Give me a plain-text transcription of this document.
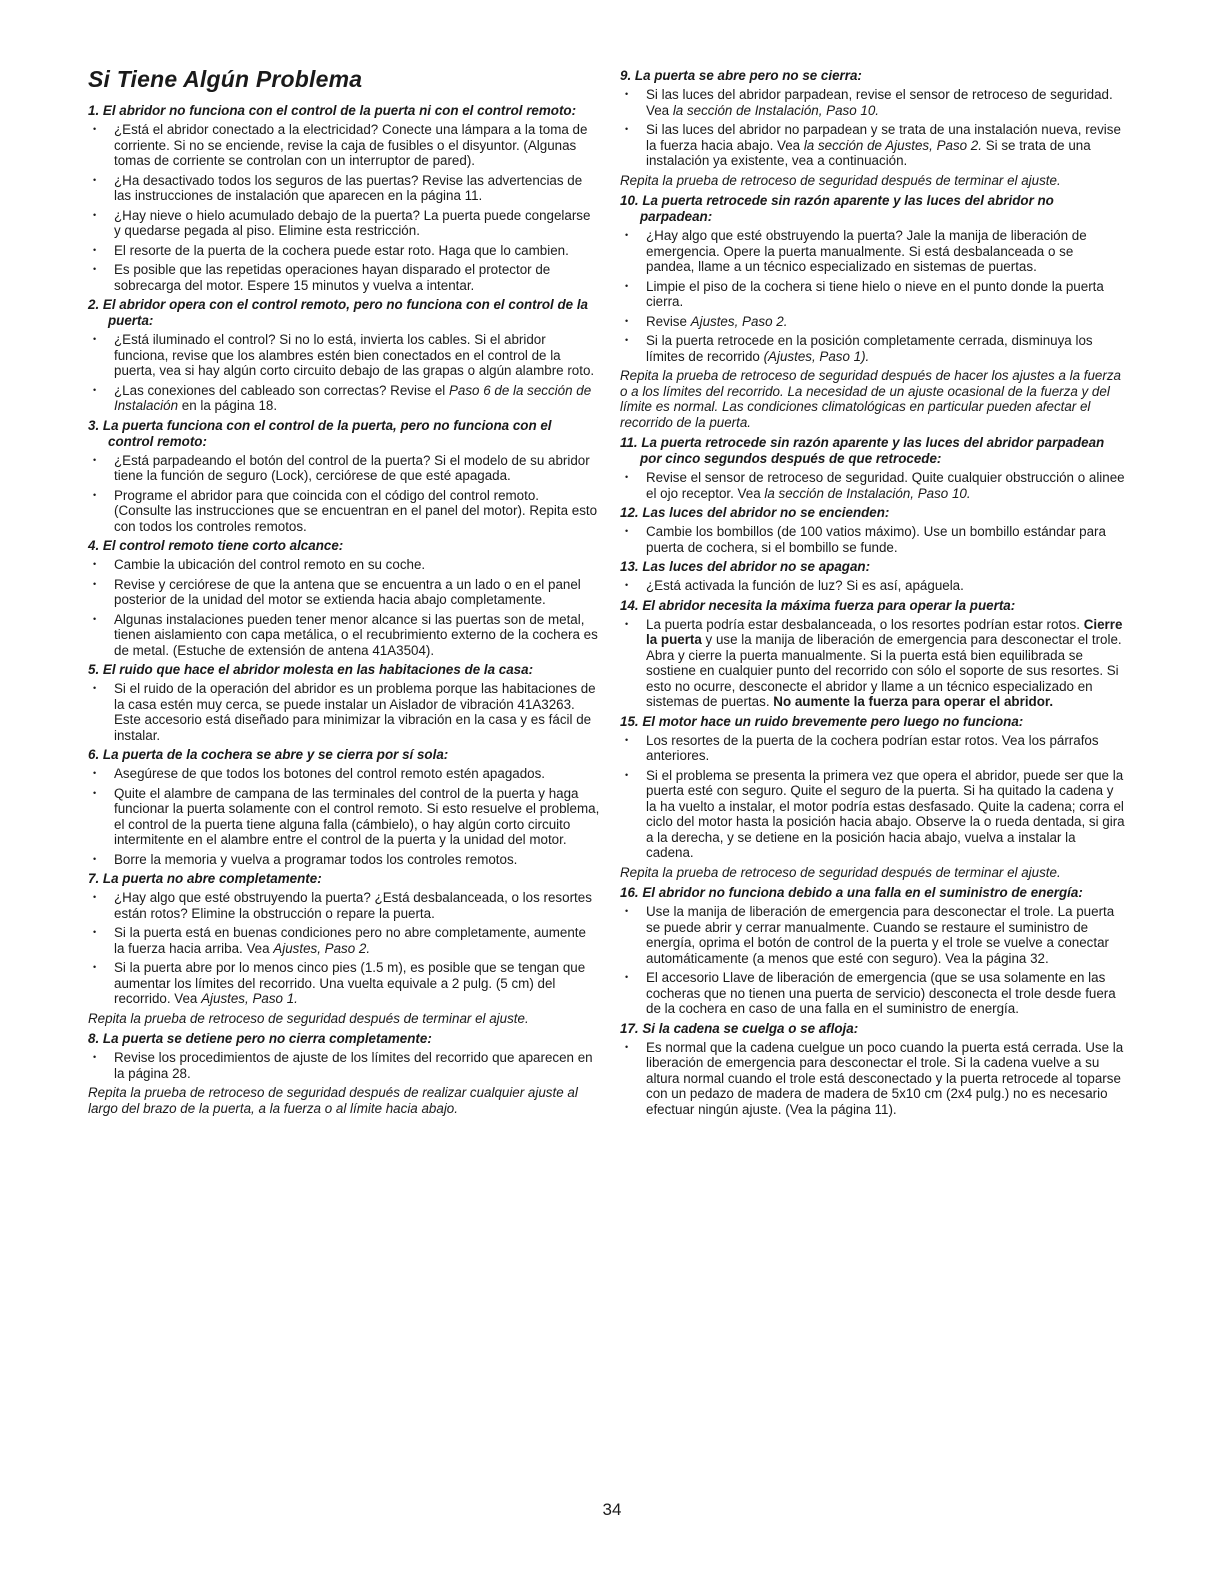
Si Tiene Algún Problema
1. El abridor no funciona con el control de la puerta ni con el control remoto:
• ¿Está el abridor conectado a la electricidad? Conecte una lámpara a la toma de corriente. Si no se enciende, revise la caja de fusibles o el disyuntor. (Algunas tomas de corriente se controlan con un interruptor de pared).
• ¿Ha desactivado todos los seguros de las puertas? Revise las advertencias de las instrucciones de instalación que aparecen en la página 11.
• ¿Hay nieve o hielo acumulado debajo de la puerta? La puerta puede congelarse y quedarse pegada al piso. Elimine esta restricción.
• El resorte de la puerta de la cochera puede estar roto. Haga que lo cambien.
• Es posible que las repetidas operaciones hayan disparado el protector de sobrecarga del motor. Espere 15 minutos y vuelva a intentar.
2. El abridor opera con el control remoto, pero no funciona con el control de la puerta:
• ¿Está iluminado el control? Si no lo está, invierta los cables. Si el abridor funciona, revise que los alambres estén bien conectados en el control de la puerta, vea si hay algún corto circuito debajo de las grapas o algún alambre roto.
• ¿Las conexiones del cableado son correctas? Revise el Paso 6 de la sección de Instalación en la página 18.
3. La puerta funciona con el control de la puerta, pero no funciona con el control remoto:
• ¿Está parpadeando el botón del control de la puerta? Si el modelo de su abridor tiene la función de seguro (Lock), cerciórese de que esté apagada.
• Programe el abridor para que coincida con el código del control remoto. (Consulte las instrucciones que se encuentran en el panel del motor). Repita esto con todos los controles remotos.
4. El control remoto tiene corto alcance:
• Cambie la ubicación del control remoto en su coche.
• Revise y cerciórese de que la antena que se encuentra a un lado o en el panel posterior de la unidad del motor se extienda hacia abajo completamente.
• Algunas instalaciones pueden tener menor alcance si las puertas son de metal, tienen aislamiento con capa metálica, o el recubrimiento externo de la cochera es de metal. (Estuche de extensión de antena 41A3504).
5. El ruido que hace el abridor molesta en las habitaciones de la casa:
• Si el ruido de la operación del abridor es un problema porque las habitaciones de la casa estén muy cerca, se puede instalar un Aislador de vibración 41A3263. Este accesorio está diseñado para minimizar la vibración en la casa y es fácil de instalar.
6. La puerta de la cochera se abre y se cierra por sí sola:
• Asegúrese de que todos los botones del control remoto estén apagados.
• Quite el alambre de campana de las terminales del control de la puerta y haga funcionar la puerta solamente con el control remoto. Si esto resuelve el problema, el control de la puerta tiene alguna falla (cámbielo), o hay algún corto circuito intermitente en el alambre entre el control de la puerta y la unidad del motor.
• Borre la memoria y vuelva a programar todos los controles remotos.
7. La puerta no abre completamente:
• ¿Hay algo que esté obstruyendo la puerta? ¿Está desbalanceada, o los resortes están rotos? Elimine la obstrucción o repare la puerta.
• Si la puerta está en buenas condiciones pero no abre completamente, aumente la fuerza hacia arriba. Vea Ajustes, Paso 2.
• Si la puerta abre por lo menos cinco pies (1.5 m), es posible que se tengan que aumentar los límites del recorrido. Una vuelta equivale a 2 pulg. (5 cm) del recorrido. Vea Ajustes, Paso 1.

Repita la prueba de retroceso de seguridad después de terminar el ajuste.

8. La puerta se detiene pero no cierra completamente:
• Revise los procedimientos de ajuste de los límites del recorrido que aparecen en la página 28.

Repita la prueba de retroceso de seguridad después de realizar cualquier ajuste al largo del brazo de la puerta, a la fuerza o al límite hacia abajo.

9. La puerta se abre pero no se cierra:
• Si las luces del abridor parpadean, revise el sensor de retroceso de seguridad. Vea la sección de Instalación, Paso 10.
• Si las luces del abridor no parpadean y se trata de una instalación nueva, revise la fuerza hacia abajo. Vea la sección de Ajustes, Paso 2. Si se trata de una instalación ya existente, vea a continuación.

Repita la prueba de retroceso de seguridad después de terminar el ajuste.

10. La puerta retrocede sin razón aparente y las luces del abridor no parpadean:
• ¿Hay algo que esté obstruyendo la puerta? Jale la manija de liberación de emergencia. Opere la puerta manualmente. Si está desbalanceada o se pandea, llame a un técnico especializado en sistemas de puertas.
• Limpie el piso de la cochera si tiene hielo o nieve en el punto donde la puerta cierra.
• Revise Ajustes, Paso 2.
• Si la puerta retrocede en la posición completamente cerrada, disminuya los límites de recorrido (Ajustes, Paso 1).

Repita la prueba de retroceso de seguridad después de hacer los ajustes a la fuerza o a los límites del recorrido. La necesidad de un ajuste ocasional de la fuerza y del límite es normal. Las condiciones climatológicas en particular pueden afectar el recorrido de la puerta.

11. La puerta retrocede sin razón aparente y las luces del abridor parpadean por cinco segundos después de que retrocede:
• Revise el sensor de retroceso de seguridad. Quite cualquier obstrucción o alinee el ojo receptor. Vea la sección de Instalación, Paso 10.
12. Las luces del abridor no se encienden:
• Cambie los bombillos (de 100 vatios máximo). Use un bombillo estándar para puerta de cochera, si el bombillo se funde.
13. Las luces del abridor no se apagan:
• ¿Está activada la función de luz? Si es así, apáguela.
14. El abridor necesita la máxima fuerza para operar la puerta:
• La puerta podría estar desbalanceada, o los resortes podrían estar rotos. Cierre la puerta y use la manija de liberación de emergencia para desconectar el trole. Abra y cierre la puerta manualmente. Si la puerta está bien equilibrada se sostiene en cualquier punto del recorrido con sólo el soporte de sus resortes. Si esto no ocurre, desconecte el abridor y llame a un técnico especializado en sistemas de puertas. No aumente la fuerza para operar el abridor.
15. El motor hace un ruido brevemente pero luego no funciona:
• Los resortes de la puerta de la cochera podrían estar rotos. Vea los párrafos anteriores.
• Si el problema se presenta la primera vez que opera el abridor, puede ser que la puerta esté con seguro. Quite el seguro de la puerta. Si ha quitado la cadena y la ha vuelto a instalar, el motor podría estas desfasado. Quite la cadena; corra el ciclo del motor hasta la posición hacia abajo. Observe la o rueda dentada, si gira a la derecha, y se detiene en la posición hacia abajo, vuelva a instalar la cadena.

Repita la prueba de retroceso de seguridad después de terminar el ajuste.

16. El abridor no funciona debido a una falla en el suministro de energía:
• Use la manija de liberación de emergencia para desconectar el trole. La puerta se puede abrir y cerrar manualmente. Cuando se restaure el suministro de energía, oprima el botón de control de la puerta y el trole se vuelve a conectar automáticamente (a menos que esté con seguro). Vea la página 32.
• El accesorio Llave de liberación de emergencia (que se usa solamente en las cocheras que no tienen una puerta de servicio) desconecta el trole desde fuera de la cochera en caso de una falla en el suministro de energía.
17. Si la cadena se cuelga o se afloja:
• Es normal que la cadena cuelgue un poco cuando la puerta está cerrada. Use la liberación de emergencia para desconectar el trole. Si la cadena vuelve a su altura normal cuando el trole está desconectado y la puerta retrocede al toparse con un pedazo de madera de madera de 5x10 cm (2x4 pulg.) no es necesario efectuar ningún ajuste. (Vea la página 11).
34
